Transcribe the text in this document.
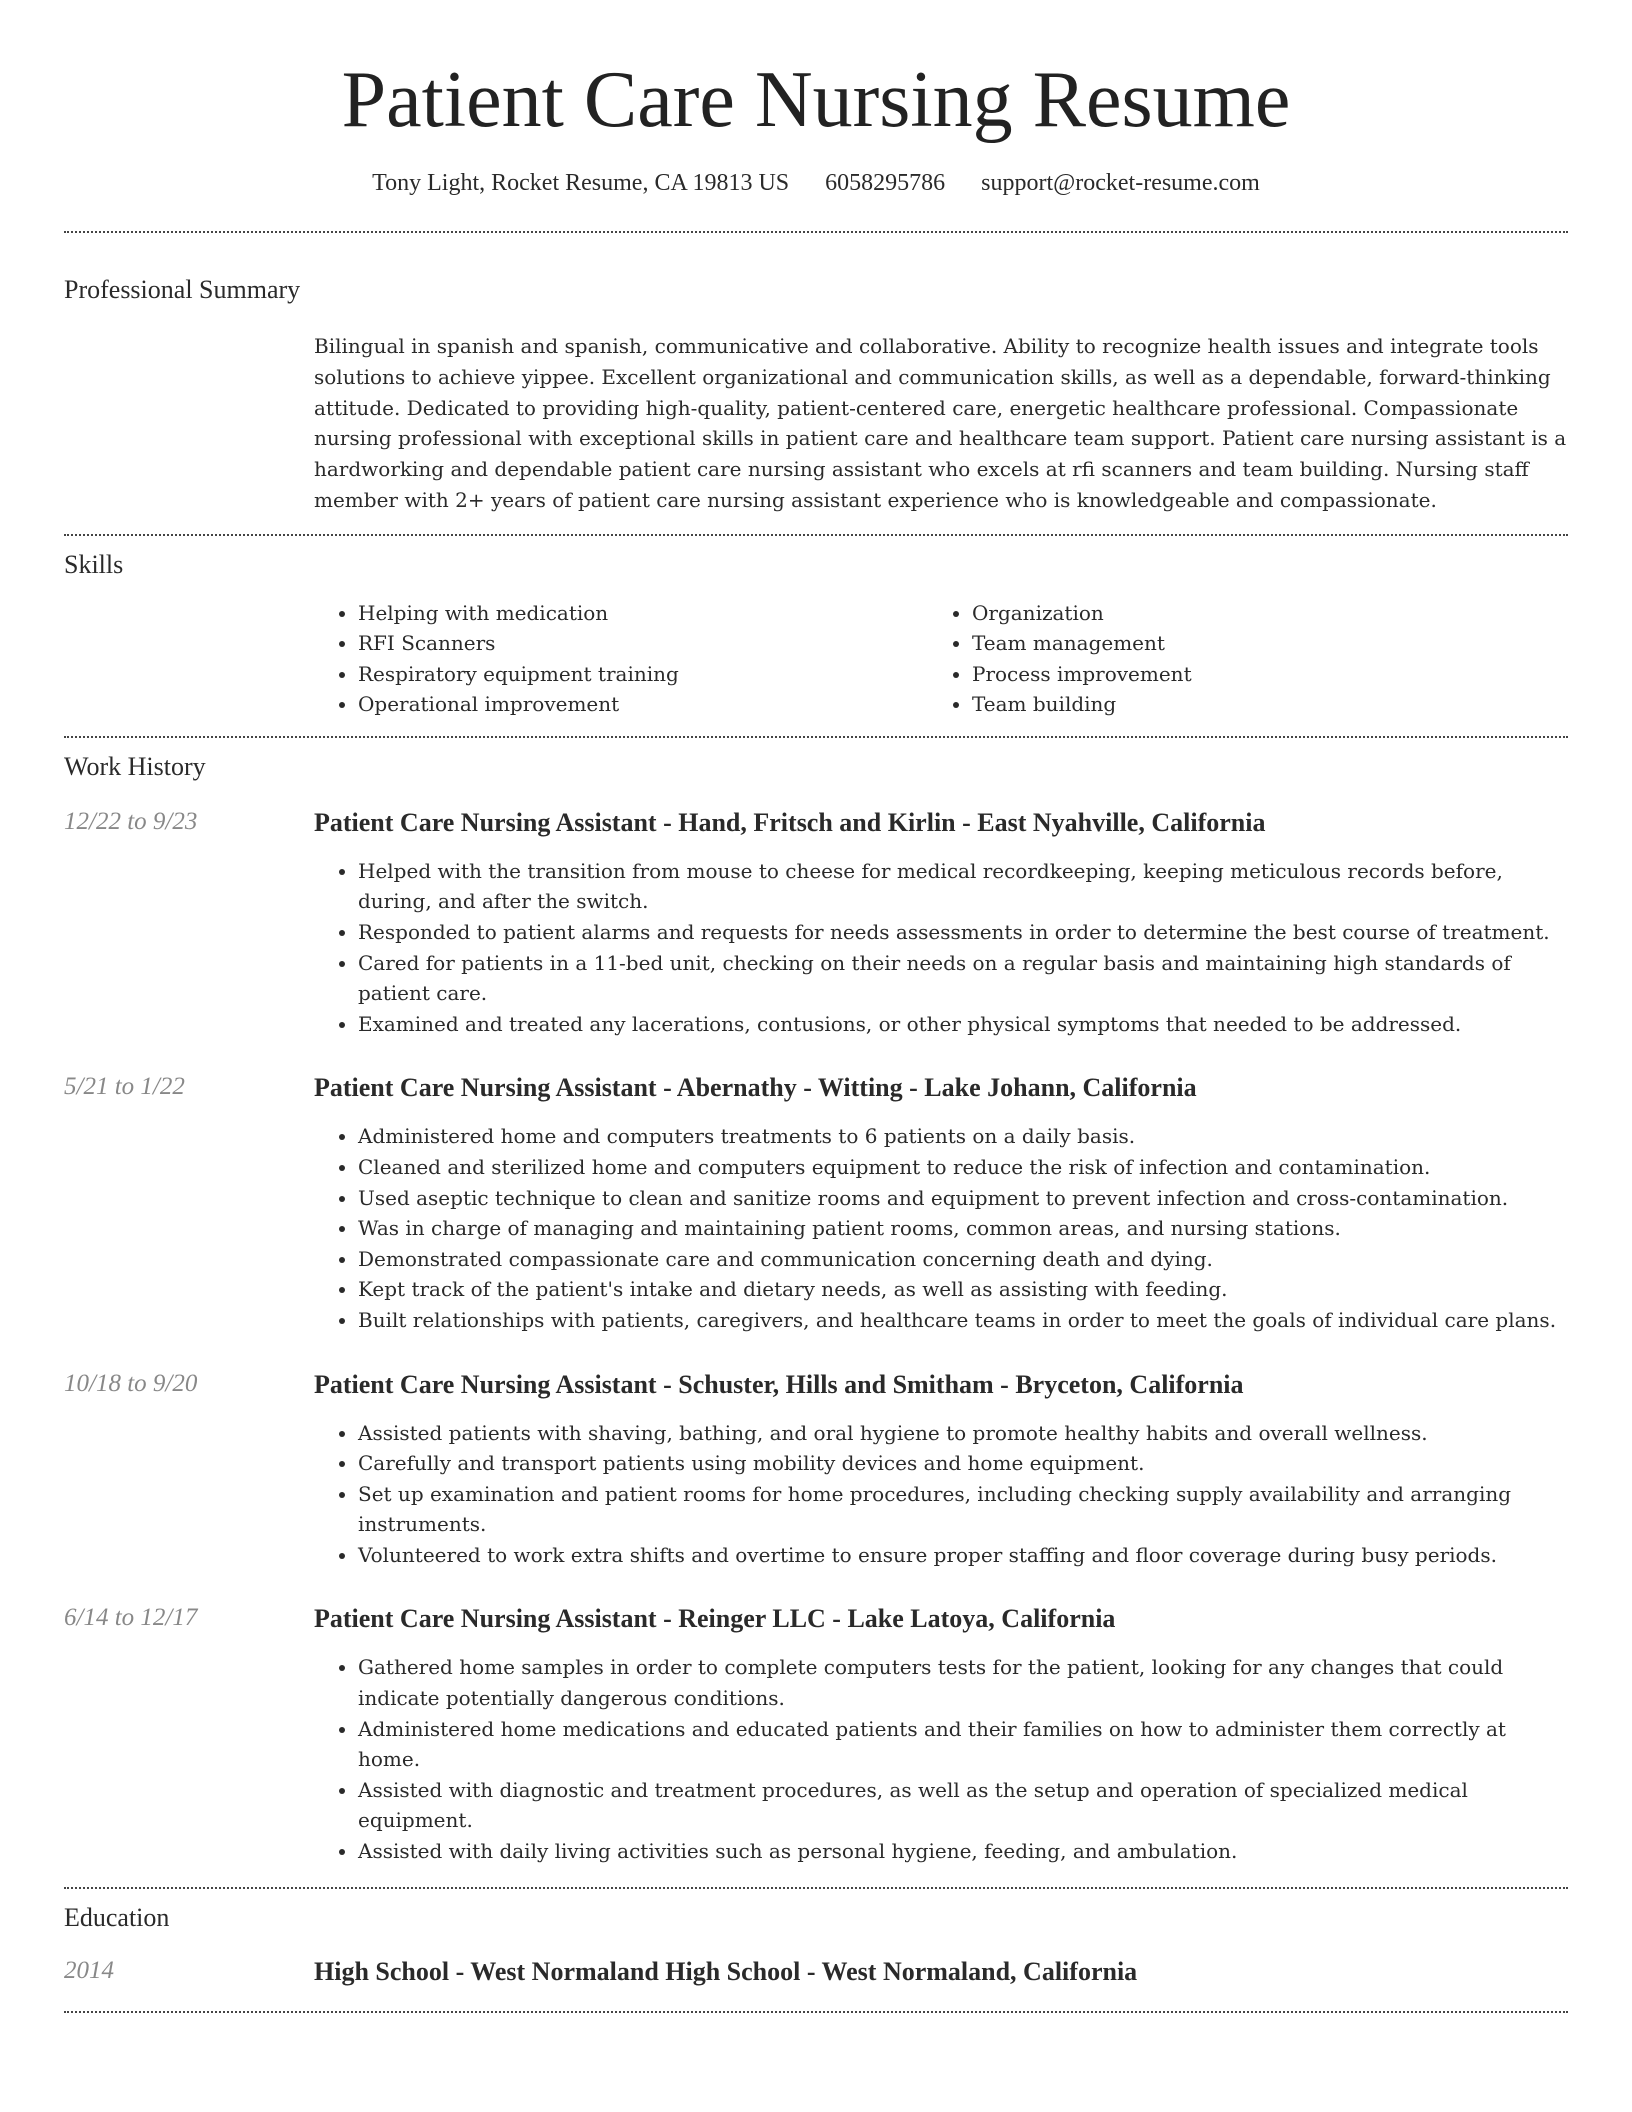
Patient Care Nursing Resume
Tony Light, Rocket Resume, CA 19813 US 6058295786 support@rocket-resume.com
Professional Summary

Bilingual in spanish and spanish, communicative and collaborative. Ability to recognize health issues and integrate tools solutions to achieve yippee. Excellent organizational and communication skills, as well as a dependable, forward-thinking attitude. Dedicated to providing high-quality, patient-centered care, energetic healthcare professional. Compassionate nursing professional with exceptional skills in patient care and healthcare team support. Patient care nursing assistant is a hardworking and dependable patient care nursing assistant who excels at rfi scanners and team building. Nursing staff member with 2+ years of patient care nursing assistant experience who is knowledgeable and compassionate.

Skills
• Helping with medication
• RFI Scanners
• Respiratory equipment training
• Operational improvement
• Organization
• Team management
• Process improvement
• Team building
Work History
12/22 to 9/23	Patient Care Nursing Assistant - Hand, Fritsch and Kirlin - East Nyahville, California
• Helped with the transition from mouse to cheese for medical recordkeeping, keeping meticulous records before, during, and after the switch.
• Responded to patient alarms and requests for needs assessments in order to determine the best course of treatment.
• Cared for patients in a 11-bed unit, checking on their needs on a regular basis and maintaining high standards of patient care.
• Examined and treated any lacerations, contusions, or other physical symptoms that needed to be addressed.
5/21 to 1/22	Patient Care Nursing Assistant - Abernathy - Witting - Lake Johann, California
• Administered home and computers treatments to 6 patients on a daily basis.
• Cleaned and sterilized home and computers equipment to reduce the risk of infection and contamination.
• Used aseptic technique to clean and sanitize rooms and equipment to prevent infection and cross-contamination.
• Was in charge of managing and maintaining patient rooms, common areas, and nursing stations.
• Demonstrated compassionate care and communication concerning death and dying.
• Kept track of the patient's intake and dietary needs, as well as assisting with feeding.
• Built relationships with patients, caregivers, and healthcare teams in order to meet the goals of individual care plans.
10/18 to 9/20	Patient Care Nursing Assistant - Schuster, Hills and Smitham - Bryceton, California
• Assisted patients with shaving, bathing, and oral hygiene to promote healthy habits and overall wellness.
• Carefully and transport patients using mobility devices and home equipment.
• Set up examination and patient rooms for home procedures, including checking supply availability and arranging instruments.
• Volunteered to work extra shifts and overtime to ensure proper staffing and floor coverage during busy periods.
6/14 to 12/17	Patient Care Nursing Assistant - Reinger LLC - Lake Latoya, California
• Gathered home samples in order to complete computers tests for the patient, looking for any changes that could indicate potentially dangerous conditions.
• Administered home medications and educated patients and their families on how to administer them correctly at home.
• Assisted with diagnostic and treatment procedures, as well as the setup and operation of specialized medical equipment.
• Assisted with daily living activities such as personal hygiene, feeding, and ambulation.
Education
2014	High School - West Normaland High School - West Normaland, California
